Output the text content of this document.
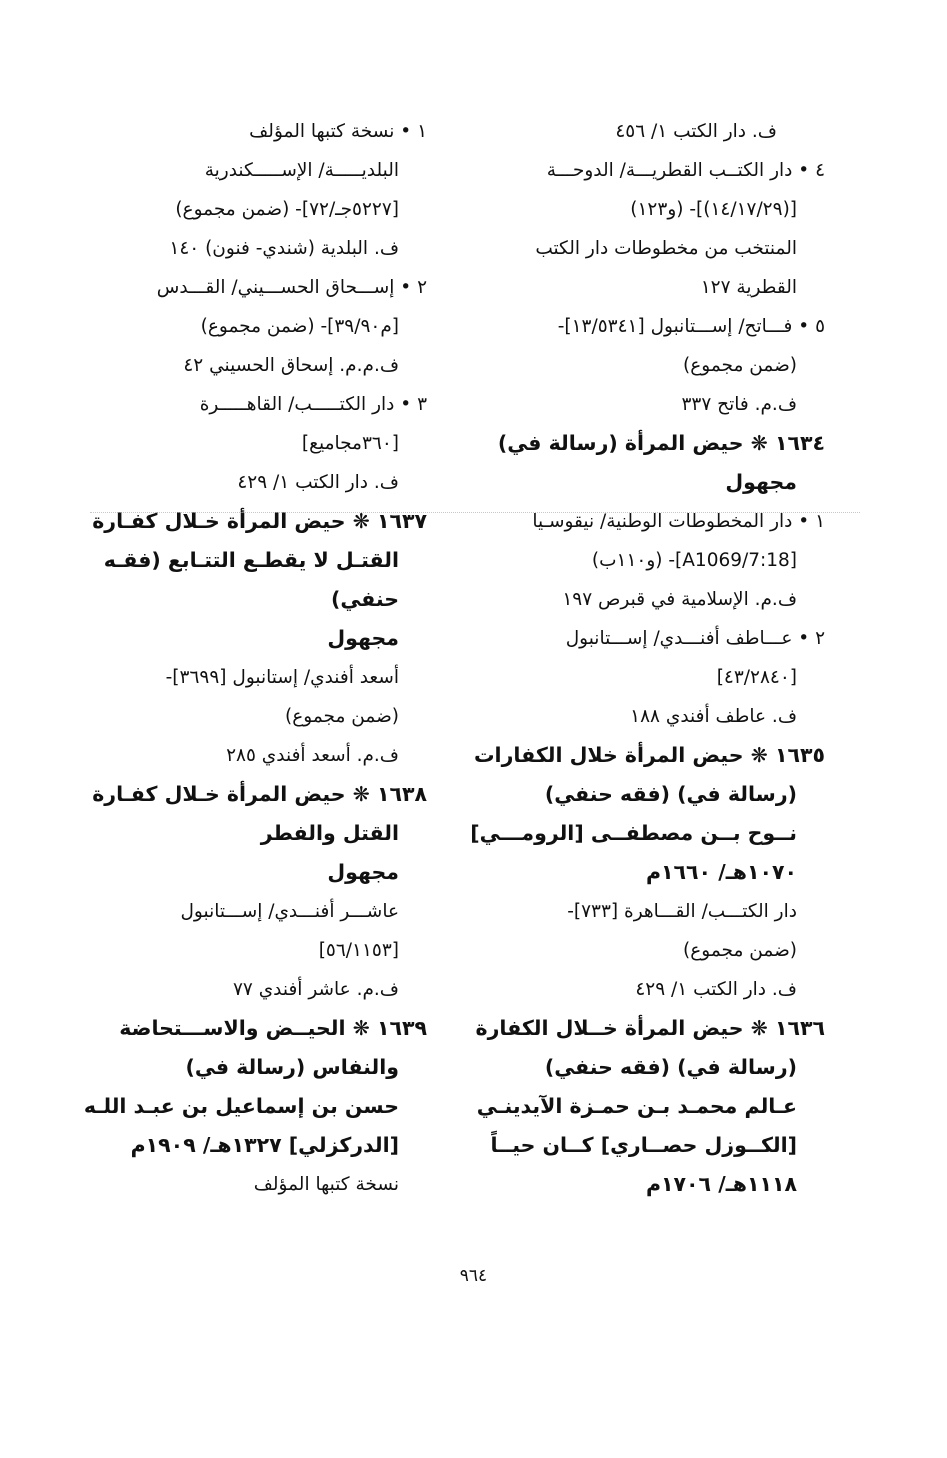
ف. دار الكتب ١/ ٤٥٦
٤ • دار الكتــب القطريـــة/ الدوحـــة
[(١٤/١٧/٢٩)]- (و١٢٣)
المنتخب من مخطوطات دار الكتب
القطرية ١٢٧
٥ • فـــاتح/ إســـتانبول [١٣/٥٣٤١]-
(ضمن مجموع)
ف.م. فاتح ٣٣٧
١٦٣٤ ❋ حيض المرأة (رسالة في)
مجهول
١ • دار المخطوطات الوطنية/ نيقوسـيا
[A1069/7:18]- (و١١٠ب)
ف.م. الإسلامية في قبرص ١٩٧
٢ • عـــاطف أفنـــدي/ إســـتانبول
[٤٣/٢٨٤٠]
ف. عاطف أفندي ١٨٨
١٦٣٥ ❋ حيض المرأة خلال الكفارات
(رسالة في) (فقه حنفي)
نــوح بــن مصطفــى [الرومـــي]
١٠٧٠هـ/ ١٦٦٠م
دار الكتـــب/ القـــاهرة [٧٣٣]-
(ضمن مجموع)
ف. دار الكتب ١/ ٤٢٩
١٦٣٦ ❋ حيض المرأة خــلال الكفارة
(رسالة في) (فقه حنفي)
عـالم محمـد بـن حمـزة الآيدينـي
[الكــوزل حصــاري] كــان حيــاً
١١١٨هـ/ ١٧٠٦م
١ • نسخة كتبها المؤلف
البلديـــــة/ الإســـــكندرية
[٥٢٢٧جـ/٧٢]- (ضمن مجموع)
ف. البلدية (شندي- فنون) ١٤٠
٢ • إســـحاق الحســـيني/ القـــدس
[م٣٩/٩٠]- (ضمن مجموع)
ف.م.م. إسحاق الحسيني ٤٢
٣ • دار الكتـــــب/ القاهـــــرة
[٣٦٠مجاميع]
ف. دار الكتب ١/ ٤٢٩
١٦٣٧ ❋ حيض المرأة خـلال كفـارة
القتـل لا يقطـع التتـابع (فقـه
حنفي)
مجهول
أسعد أفندي/ إستانبول [٣٦٩٩]-
(ضمن مجموع)
ف.م. أسعد أفندي ٢٨٥
١٦٣٨ ❋ حيض المرأة خـلال كفـارة
القتل والفطر
مجهول
عاشـــر أفنـــدي/ إســـتانبول
[٥٦/١١٥٣]
ف.م. عاشر أفندي ٧٧
١٦٣٩ ❋ الحيــض والاســـتحاضة
والنفاس (رسالة في)
حسن بن إسماعيل بن عبـد اللـه
[الدركزلي] ١٣٢٧هـ/ ١٩٠٩م
نسخة كتبها المؤلف
٩٦٤
